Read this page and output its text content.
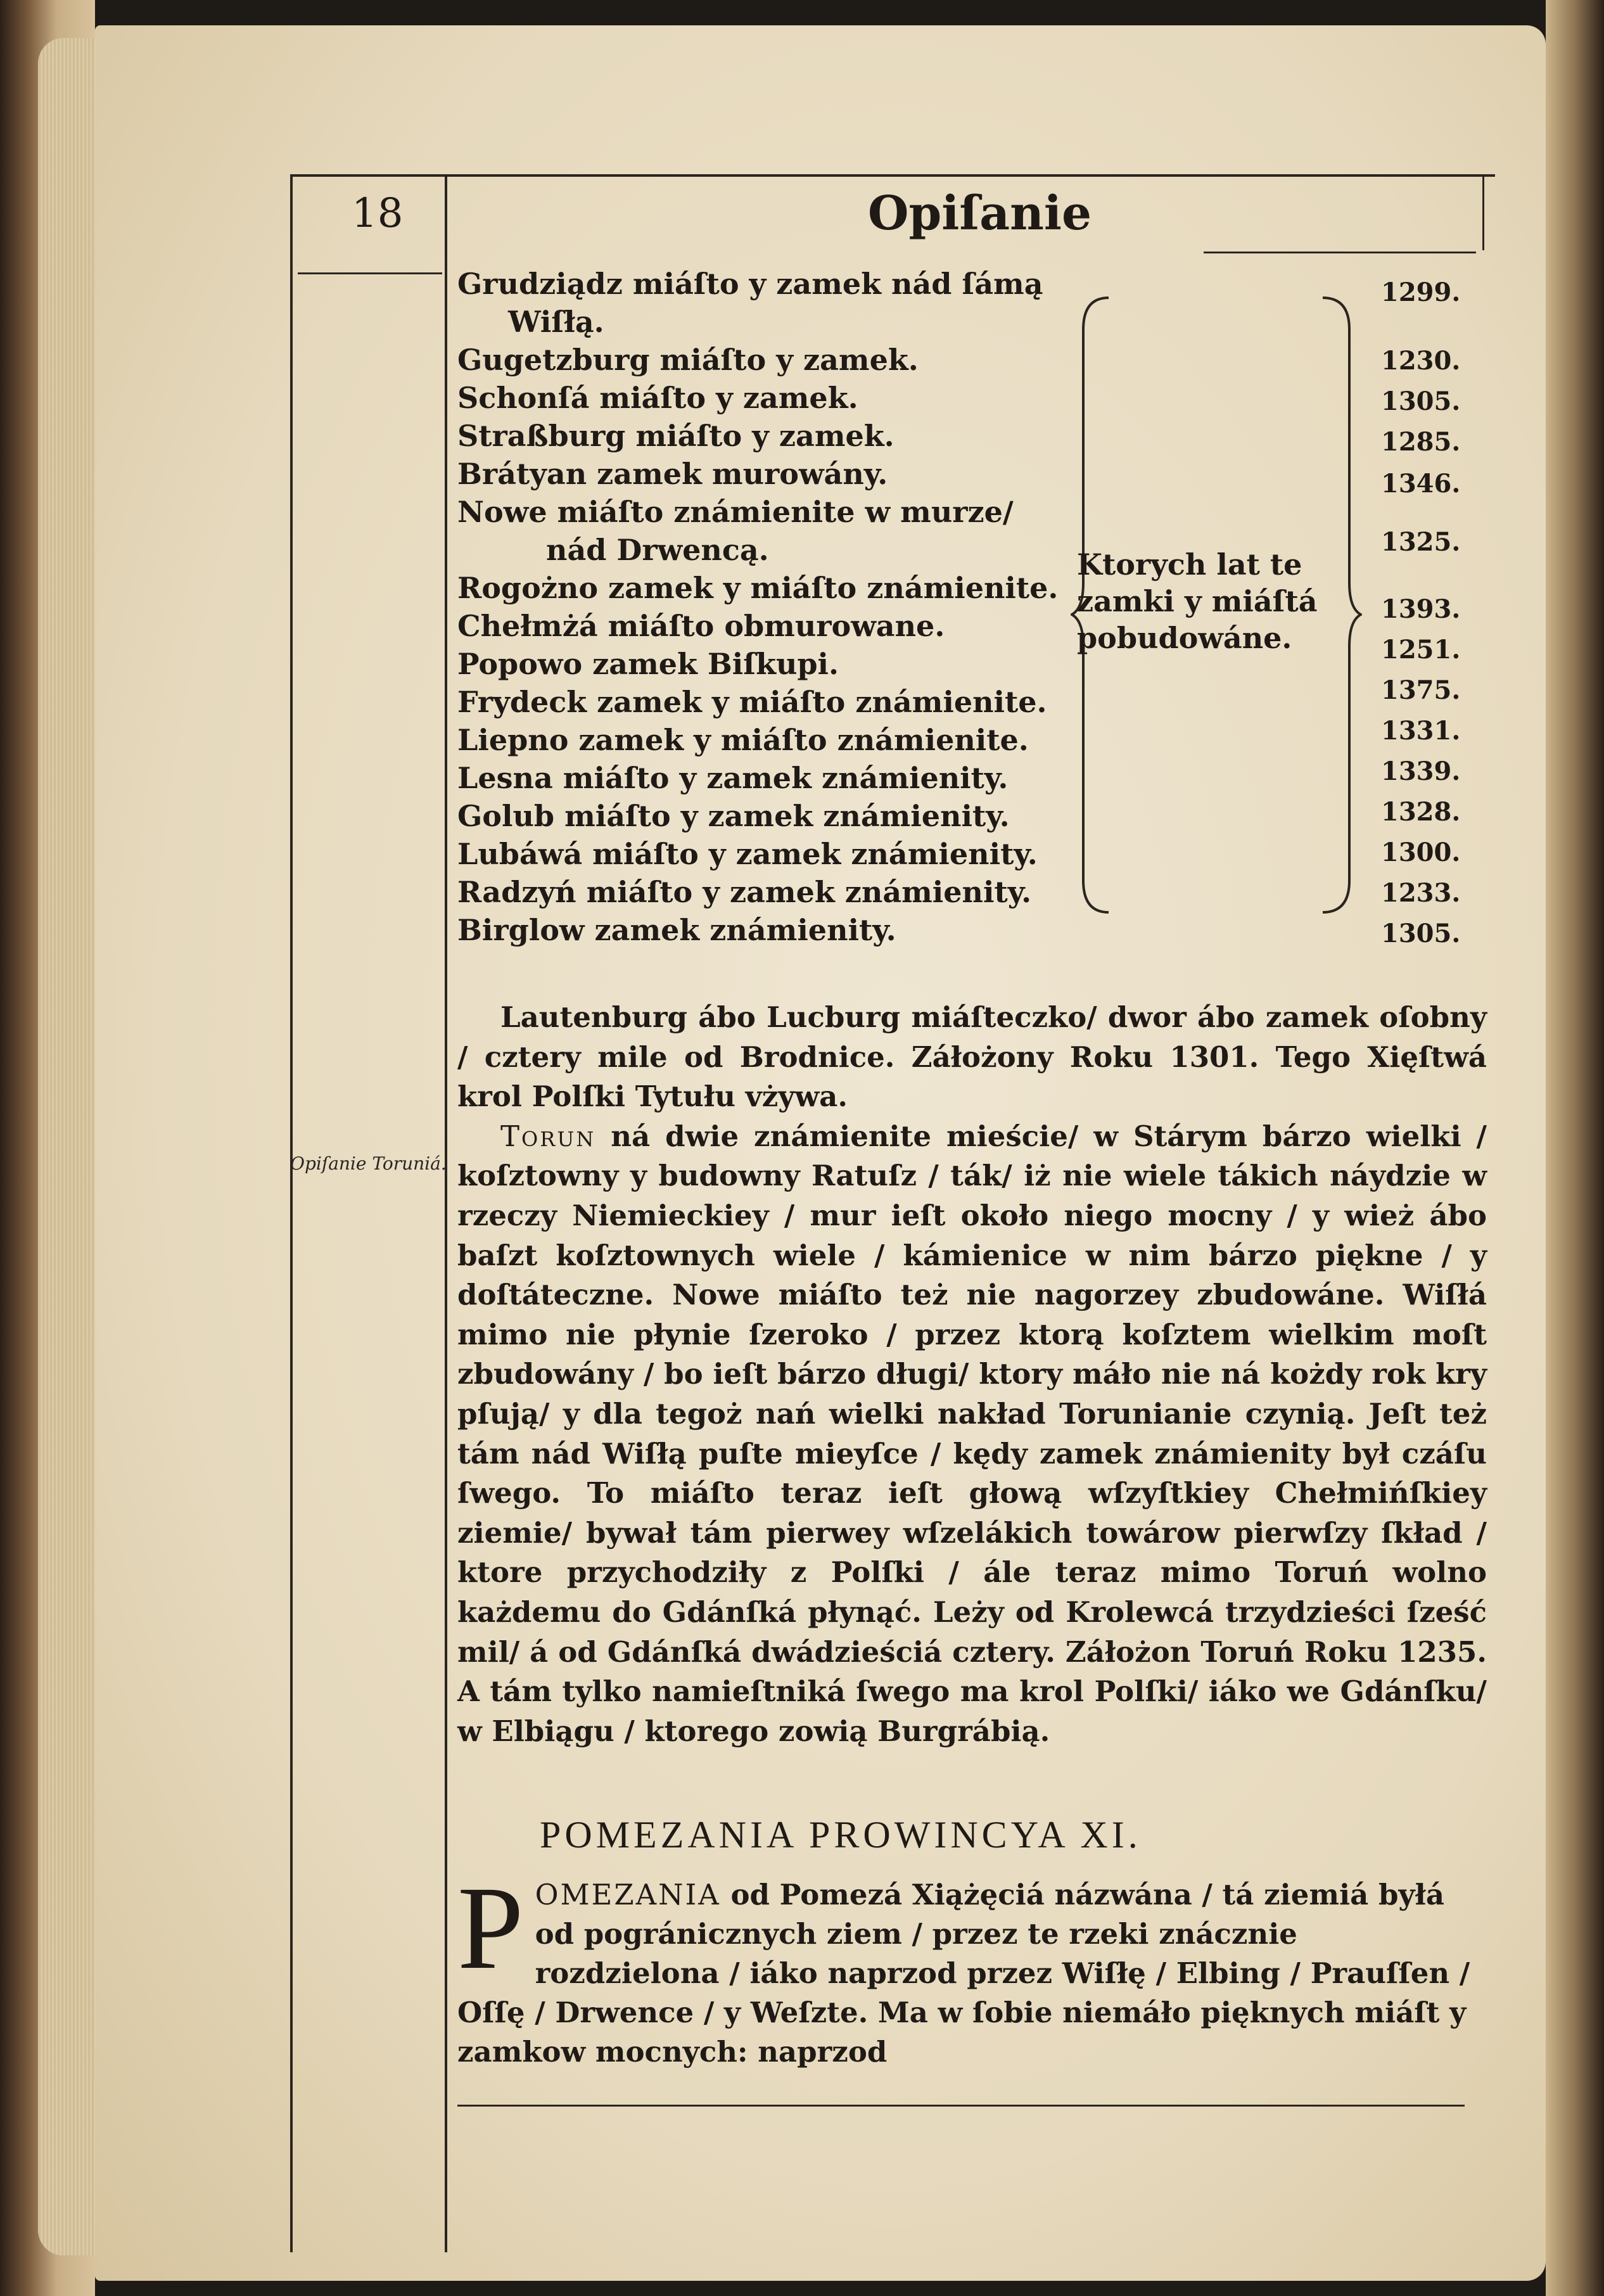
18	Opiſanie
Grudziądz miáſto y zamek nád ſámą
Wiſłą.
Gugetzburg miáſto y zamek.
Schonſá miáſto y zamek.
Straßburg miáſto y zamek.
Brátyan zamek murowány.
Nowe miáſto známienite w murze/
nád Drwencą.
Rogożno zamek y miáſto známienite.
Chełmżá miáſto obmurowane.
Popowo zamek Biſkupi.
Frydeck zamek y miáſto známienite.
Liepno zamek y miáſto známienite.
Lesna miáſto y zamek známienity.
Golub miáſto y zamek známienity.
Lubáwá miáſto y zamek známienity.
Radzyń miáſto y zamek známienity.
Birglow zamek známienity.
Ktorych lat te
zamki y miáſtá
pobudowáne.
1299.
1230.
1305.
1285.
1346.
1325.
1393.
1251.
1375.
1331.
1339.
1328.
1300.
1233.
1305.
Opiſanie Toruniá.

Lautenburg ábo Lucburg miáſteczko/ dwor ábo zamek oſobny / cztery mile od Brodnice. Záłożony Roku 1301. Tego Xięſtwá krol Polſki Tytułu vżywa.

Torun ná dwie známienite mieście/ w Stárym bárzo wielki / koſztowny y budowny Ratuſz / ták/ iż nie wiele tákich náydzie w rzeczy Niemieckiey / mur ieſt około niego mocny / y wież ábo baſzt koſztownych wiele / kámienice w nim bárzo piękne / y doſtáteczne. Nowe miáſto też nie nagorzey zbudowáne. Wiſłá mimo nie płynie ſzeroko / przez ktorą koſztem wielkim moſt zbudowány / bo ieſt bárzo długi/ ktory máło nie ná kożdy rok kry pſują/ y dla tegoż nań wielki nakład Torunianie czynią. Jeſt też tám nád Wiſłą puſte mieyſce / kędy zamek známienity był czáſu ſwego. To miáſto teraz ieſt głową wſzyſtkiey Chełmińſkiey ziemie/ bywał tám pierwey wſzelákich towárow pierwſzy ſkład / ktore przychodziły z Polſki / ále teraz mimo Toruń wolno każdemu do Gdánſká płynąć. Leży od Krolewcá trzydzieści ſześć mil/ á od Gdánſká dwádzieściá cztery. Záłożon Toruń Roku 1235. A tám tylko namieſtniká ſwego ma krol Polſki/ iáko we Gdánſku/ w Elbiągu / ktorego zowią Burgrábią.

POMEZANIA PROWINCYA XI.
P OMEZANIA od Pomezá Xiążęciá názwána / tá ziemiá byłá od pogránicznych ziem / przez te rzeki znácznie rozdzielona / iáko naprzod przez Wiſłę / Elbing / Prauſſen / Oſſę / Drwence / y Weſzte. Ma w ſobie niemáło pięknych miáſt y zamkow mocnych: naprzod
